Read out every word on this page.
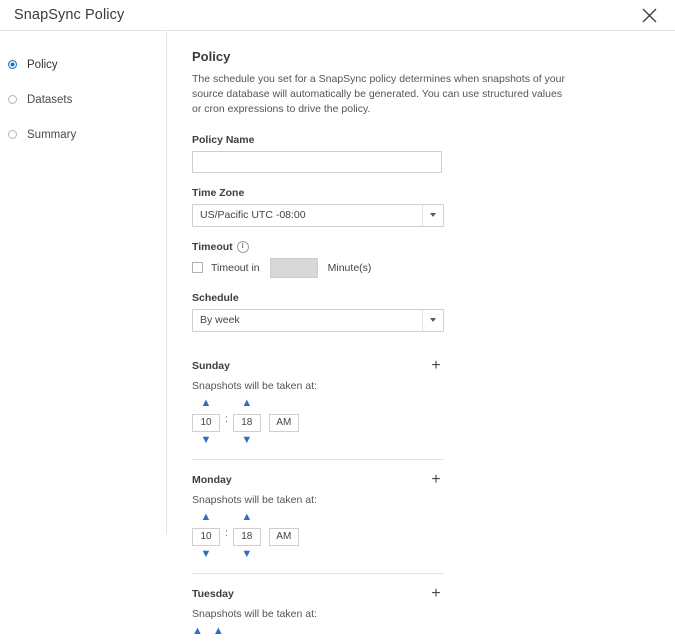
SnapSync Policy
Policy
Datasets
Summary
Policy

The schedule you set for a SnapSync policy determines when snapshots of your source database will automatically be generated. You can use structured values or cron expressions to drive the policy.

Policy Name
Time Zone
US/Pacific UTC -08:00
Timeout	i
Timeout in	Minute(s)
Schedule
By week
Sunday	+
Snapshots will be taken at:
▲
10
▼
:
▲
18
▼
AM
Monday	+
Snapshots will be taken at:
▲
10
▼
:
▲
18
▼
AM
Tuesday	+
Snapshots will be taken at:
▲ ▲
